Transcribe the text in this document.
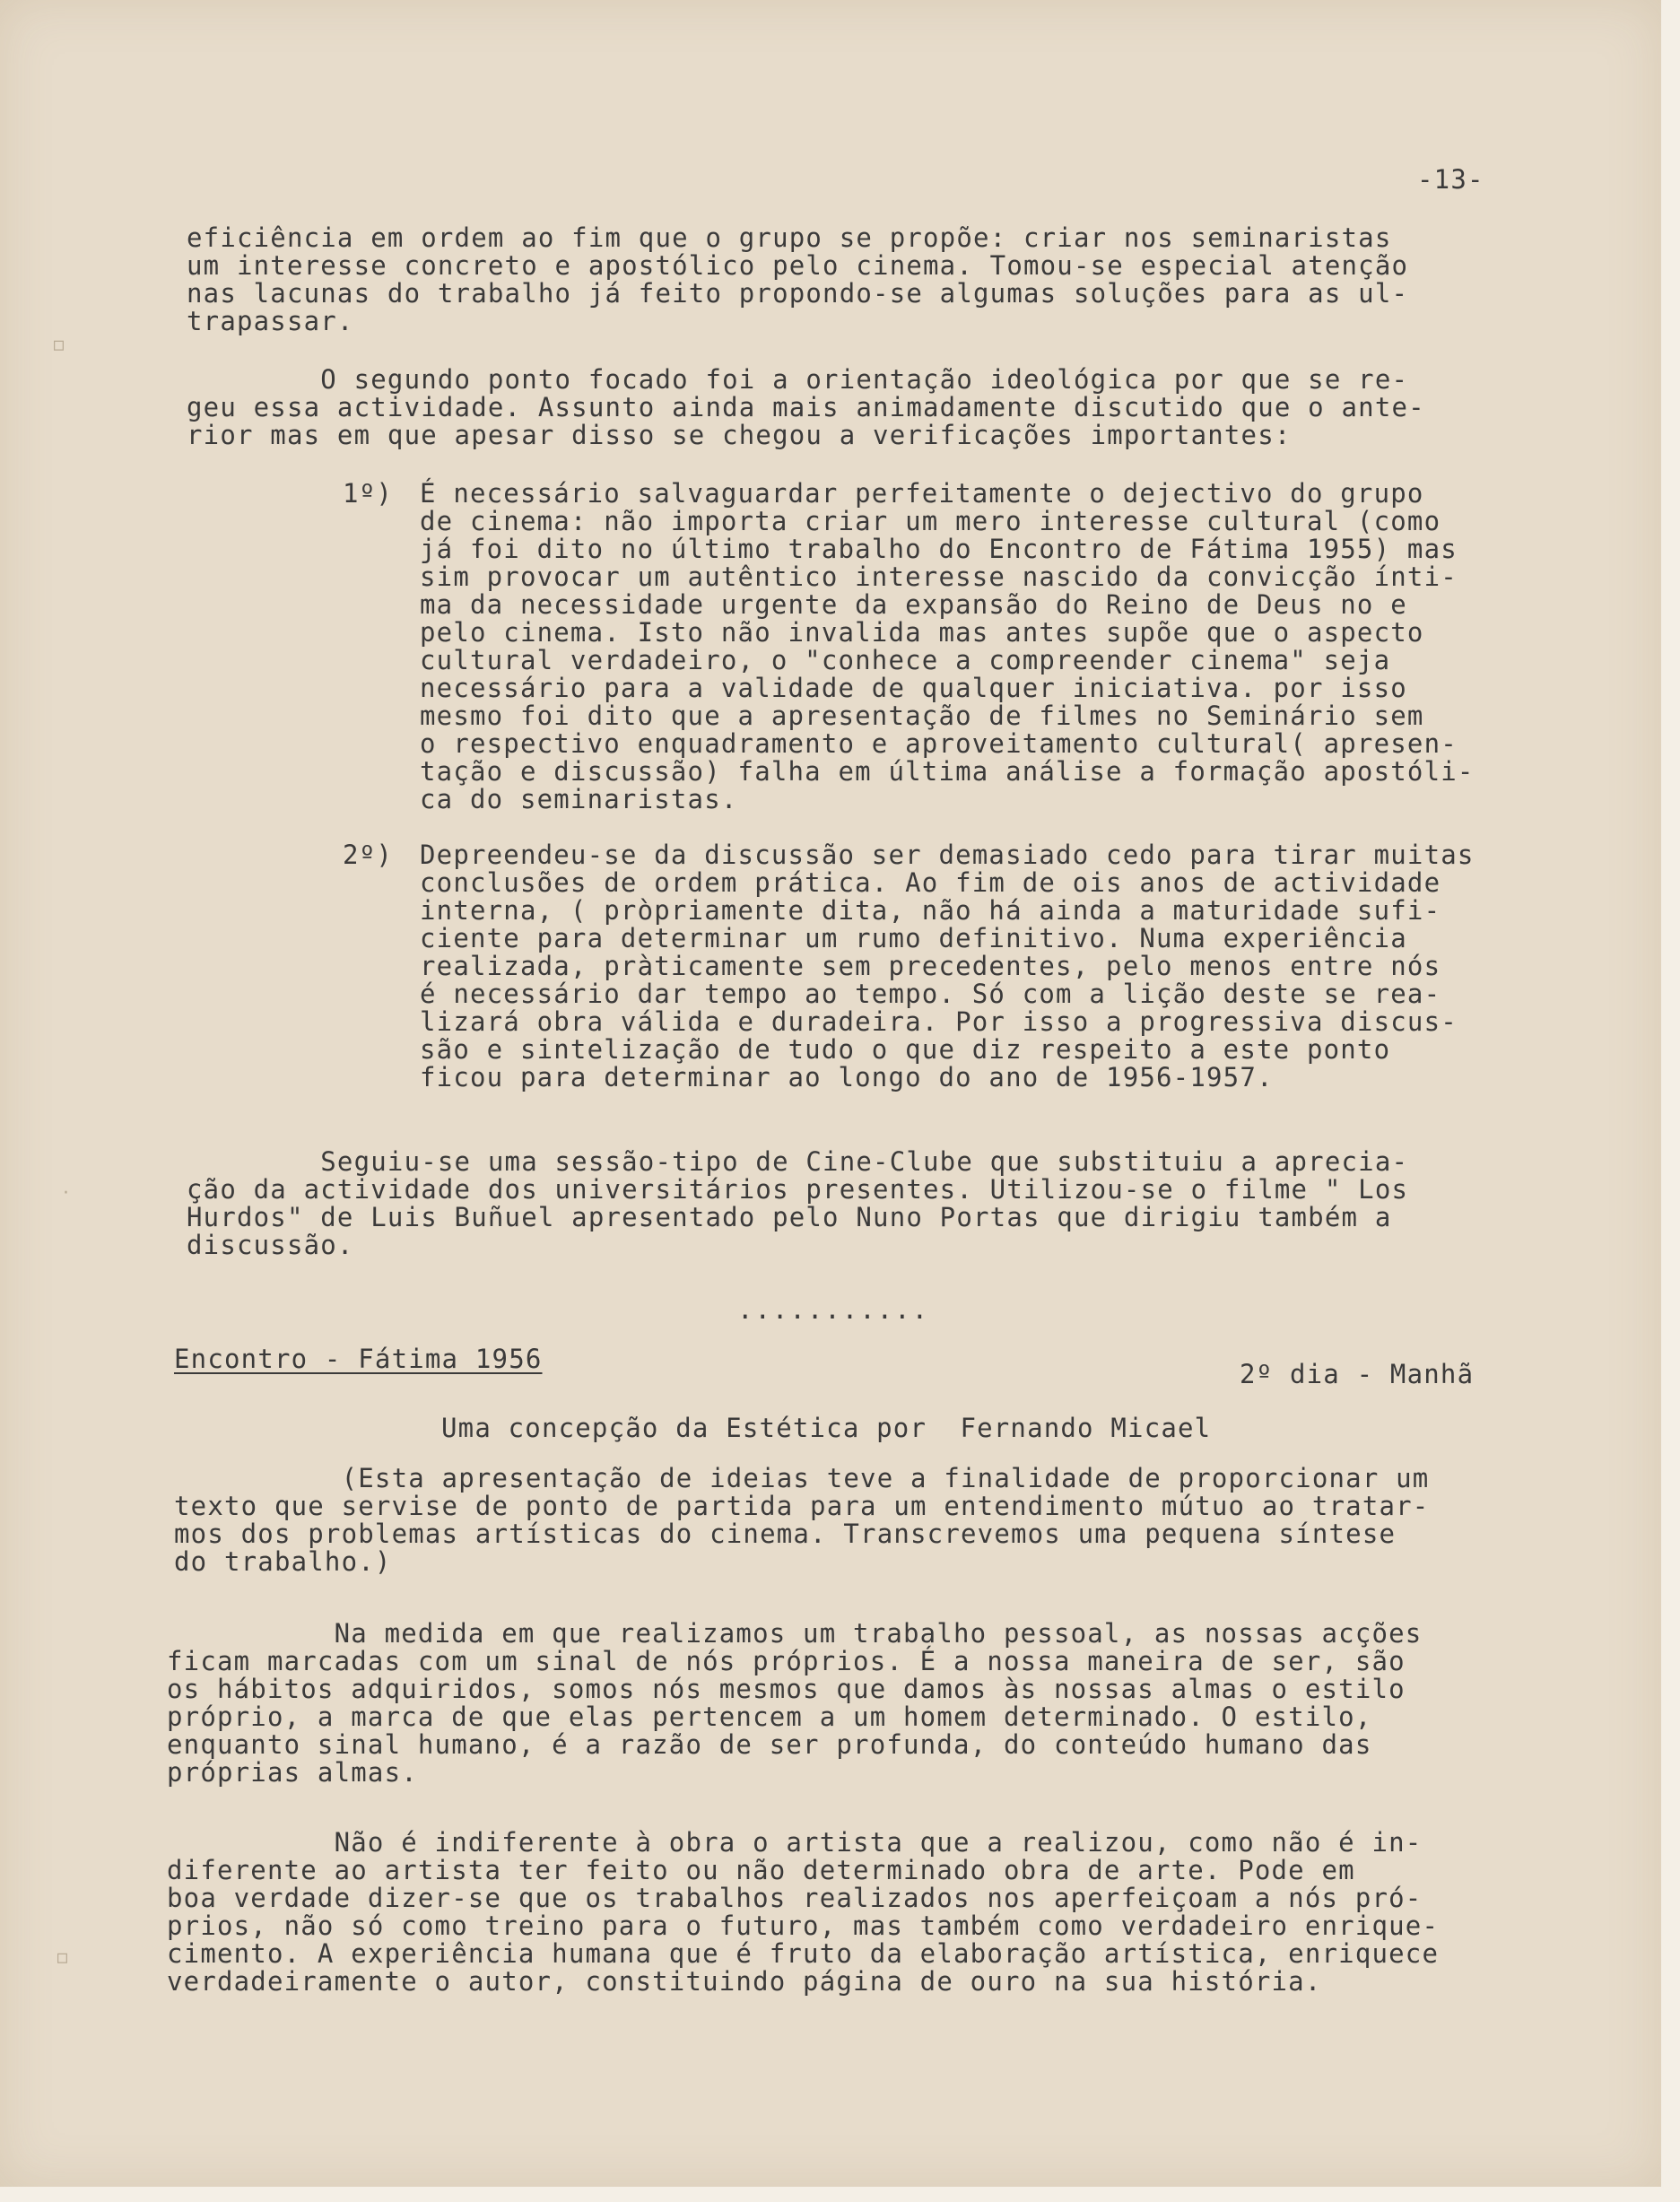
-13-
eficiência em ordem ao fim que o grupo se propõe: criar nos seminaristas
um interesse concreto e apostólico pelo cinema. Tomou-se especial atenção
nas lacunas do trabalho já feito propondo-se algumas soluções para as ul-
trapassar.
O segundo ponto focado foi a orientação ideológica por que se re-
geu essa actividade. Assunto ainda mais animadamente discutido que o ante-
rior mas em que apesar disso se chegou a verificações importantes:
1º) É necessário salvaguardar perfeitamente o dejectivo do grupo
de cinema: não importa criar um mero interesse cultural (como
já foi dito no último trabalho do Encontro de Fátima 1955) mas
sim provocar um autêntico interesse nascido da convicção ínti-
ma da necessidade urgente da expansão do Reino de Deus no e
pelo cinema. Isto não invalida mas antes supõe que o aspecto
cultural verdadeiro, o "conhece a compreender cinema" seja
necessário para a validade de qualquer iniciativa. por isso
mesmo foi dito que a apresentação de filmes no Seminário sem
o respectivo enquadramento e aproveitamento cultural( apresen-
tação e discussão) falha em última análise a formação apostóli-
ca do seminaristas.
2º) Depreendeu-se da discussão ser demasiado cedo para tirar muitas
conclusões de ordem prática. Ao fim de ois anos de actividade
interna, ( pròpriamente dita, não há ainda a maturidade sufi-
ciente para determinar um rumo definitivo. Numa experiência
realizada, pràticamente sem precedentes, pelo menos entre nós
é necessário dar tempo ao tempo. Só com a lição deste se rea-
lizará obra válida e duradeira. Por isso a progressiva discus-
são e sintelização de tudo o que diz respeito a este ponto
ficou para determinar ao longo do ano de 1956-1957.
Seguiu-se uma sessão-tipo de Cine-Clube que substituiu a aprecia-
ção da actividade dos universitários presentes. Utilizou-se o filme " Los
Hurdos" de Luis Buñuel apresentado pelo Nuno Portas que dirigiu também a
discussão.
...........
Encontro - Fátima 1956	2º dia - Manhã
Uma concepção da Estética por  Fernando Micael
(Esta apresentação de ideias teve a finalidade de proporcionar um
texto que servise de ponto de partida para um entendimento mútuo ao tratar-
mos dos problemas artísticas do cinema. Transcrevemos uma pequena síntese
do trabalho.)
Na medida em que realizamos um trabalho pessoal, as nossas acções
ficam marcadas com um sinal de nós próprios. É a nossa maneira de ser, são
os hábitos adquiridos, somos nós mesmos que damos às nossas almas o estilo
próprio, a marca de que elas pertencem a um homem determinado. O estilo,
enquanto sinal humano, é a razão de ser profunda, do conteúdo humano das
próprias almas.
Não é indiferente à obra o artista que a realizou, como não é in-
diferente ao artista ter feito ou não determinado obra de arte. Pode em
boa verdade dizer-se que os trabalhos realizados nos aperfeiçoam a nós pró-
prios, não só como treino para o futuro, mas também como verdadeiro enrique-
cimento. A experiência humana que é fruto da elaboração artística, enriquece
verdadeiramente o autor, constituindo página de ouro na sua história.
▫
·
▫
